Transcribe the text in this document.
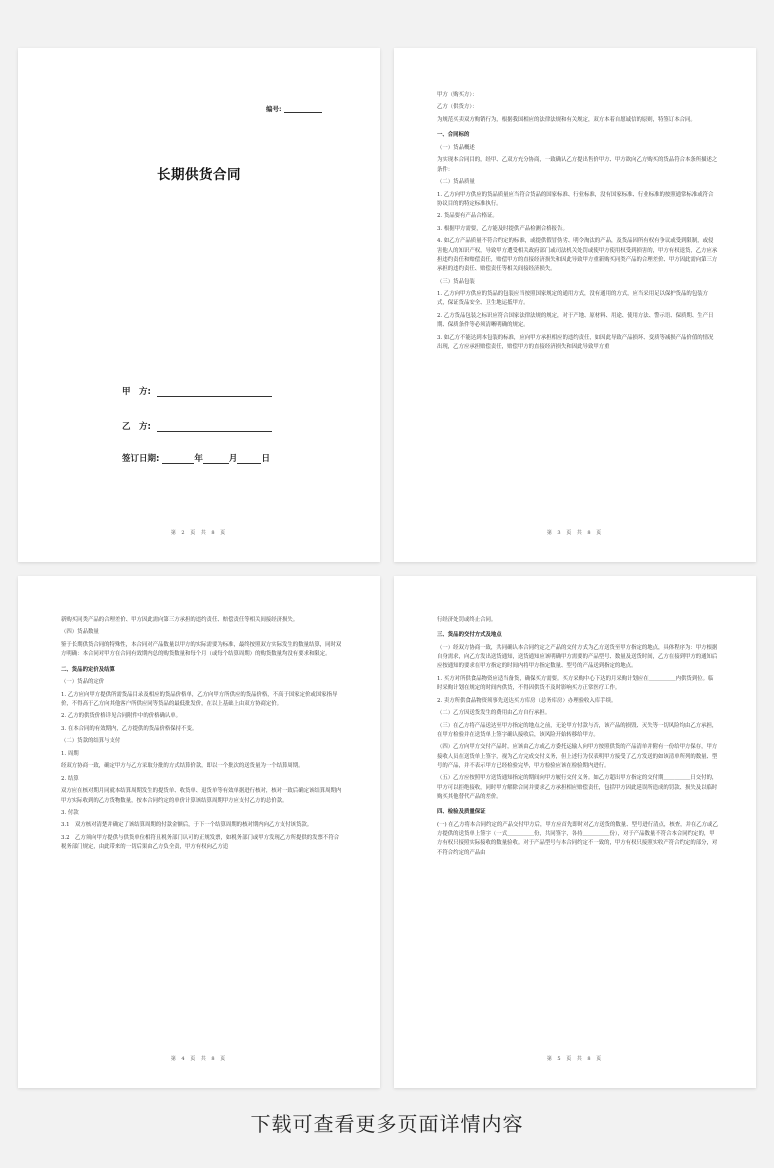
编号:
长期供货合同
甲　方:
乙　方:
签订日期:	年	月	日
第 2 页 共 8 页

甲方（购买方）：

乙方（供货方）：

为规范买卖双方购销行为，根据我国相应的法律法规和有关规定，双方本着自愿诚信的原则，特签订本合同。

一、合同标的

（一）货品概述

为实现本合同目的，经甲、乙双方充分协商，一致确认乙方提出售价甲方、甲方欲向乙方购买的货品符合本条所描述之条件：

（二）货品质量

1. 乙方向甲方供应的货品质量应当符合货品的国家标准、行业标准，没有国家标准、行业标准的按照通常标准或符合协议目的的特定标准执行。

2. 货品要有产品合格证。

3. 根据甲方需要，乙方能及时提供产品检测合格报告。

4. 如乙方产品质量不符合约定的标准，或提供假冒伪劣、明令淘汰的产品，及货品因所有权有争议或受到限制，或侵害他人的知识产权，导致甲方遭受相关政府部门或司法机关处罚或使甲方使用权受到损害的，甲方有权退货，乙方应承担违约责任和赔偿责任，赔偿甲方的直接经济损失和因此导致甲方重新购买同类产品的合理差价、甲方因此需向第三方承担的违约责任、赔偿责任等相关间接经济损失。

（三）货品包装

1. 乙方向甲方供应的货品的包装应当按照国家规定的通用方式，没有通用的方式，应当采用足以保护货品的包装方式，保证货品安全、卫生地运抵甲方。

2. 乙方货品包装之标识应符合国家法律法规的规定，对于产地、原材料、用途、使用方法、警示语、保质期、生产日期、保质条件等必须清晰明确的规定。

3. 如乙方不能达到本包装的标准，应向甲方承担相应的违约责任，如因此导致产品损坏、变质等减损产品价值的情况出现，乙方应承担赔偿责任，赔偿甲方的直接经济损失和因此导致甲方重

第 3 页 共 8 页

新购买同类产品的合理差价、甲方因此需向第三方承担的违约责任、赔偿责任等相关间接经济损失。

（四）货品数量

鉴于长期供货合同的特殊性，本合同对产品数量以甲方的实际需要为标准，最终按照双方实际发生的数量结算，同时双方明确：本合同对甲方在合同有效期内总的购货数量和每个月（或每个结算周期）的购货数量均没有要求和限定。

二、货品的定价及结算

（一）货品的定价

1. 乙方应向甲方提供所需货品目录及相应的货品价格单，乙方向甲方所供应的货品价格，不高于国家定价或国家指导价，不得高于乙方向其他客户所供应同等货品的最低批发价，在以上基础上由双方协商定价。

2. 乙方的供货价格详见合同附件中的价格确认单。

3. 在本合同的有效期内，乙方提供的货品价格保持不变。

（二）货款的结算与支付

1. 周期

经双方协商一致，确定甲方与乙方采取分批的方式结算价款，即以一个批次的送货量为一个结算周期。

2. 结算

双方应在核对期月同就本结算周期发生的提货单、收货单、退货单等有效单据进行核对，核对一致后确定该结算周期内甲方实际收到的乙方货物数量，按本合同约定的单价计算该结算周期甲方应支付乙方的总价款。

3. 付款

3.1　双方核对清楚并确定了该结算周期的付款金额后，于下一个结算周期的核对期内向乙方支付该货款。

3.2　乙方须向甲方提供与供货单位相符且税务部门认可的正规发票，如税务部门或甲方发现乙方所提供的发票不符合税务部门规定，由此带来的一切后果由乙方负全责，甲方有权向乙方追

第 4 页 共 8 页

行经济处罚或终止合同。

三、货品的交付方式及地点

（一）经双方协商一致，共同确认本合同约定之产品的交付方式为乙方送货至甲方指定的地点，具体程序为：甲方根据自身需求，向乙方发出送货通知，送货通知应该明确甲方需要的产品型号、数量及送货时间，乙方在接到甲方的通知后应按通知的要求在甲方指定的时间内将甲方指定数量、型号的产品送到指定的地点。

1. 买方对所供食品物资应适当备货，确保买方需要。买方采购中心下达的月采购计划应在＿＿＿＿＿内供货到位。临时采购计划在规定的时间内供货，不得因供货不及时影响买方正常医疗工作。

2. 卖方所供食品物资须事先送达买方库房（总务库房）办理验收入库手续。

（二）乙方因送货发生的费用由乙方自行承担。

（三）在乙方将产品送达至甲方指定的地点之前，无论甲方付款与否，该产品的损毁、灭失等一切风险均由乙方承担，在甲方检验并在送货单上签字确认接收后，该风险开始转移给甲方。

（四）乙方向甲方交付产品时，应该由乙方或乙方委托运输人向甲方按照供货的产品清单并附有一份给甲方保存，甲方接收人员在送货单上签字，视为乙方完成交付义务，但上述行为仅表明甲方接受了乙方发送的如该清单所列的数量、型号的产品，并不表示甲方已经检验完毕，甲方检验应该在检验期内进行。

（五）乙方应按照甲方送货通知指定的期间向甲方履行交付义务。如乙方超出甲方指定的交付期＿＿＿＿＿日交付的，甲方可以拒绝接收，同时甲方解除合同并要求乙方承担相应赔偿责任，包括甲方因此延误所造成的罚款、损失及以临时购买其他替代产品的差价。

四、检验及质量保证

(一) 在乙方将本合同约定的产品交付甲方后，甲方应首先即时对乙方送货的数量、型号进行清点，核查，并在乙方或乙方提供的送货单上签字（一式＿＿＿＿＿份，共同签字，各持＿＿＿＿＿份），对于产品数量不符合本合同约定的，甲方有权只接照实际接收的数量验收。对于产品型号与本合同约定不一致的，甲方有权只接照实收产符合约定的部分，对不符合约定的产品由

第 5 页 共 8 页
下载可查看更多页面详情内容
